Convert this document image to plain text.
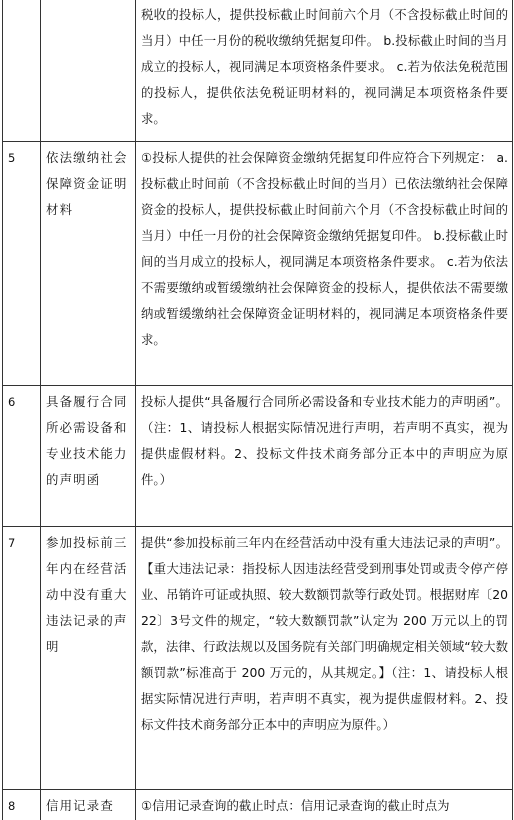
		税收的投标人，提供投标截止时间前六个月（不含投标截止时间的当月）中任一月份的税收缴纳凭据复印件。 b.投标截止时间的当月成立的投标人，视同满足本项资格条件要求。 c.若为依法免税范围的投标人，提供依法免税证明材料的，视同满足本项资格条件要求。
5	依法缴纳社会保障资金证明材料	①投标人提供的社会保障资金缴纳凭据复印件应符合下列规定： a.投标截止时间前（不含投标截止时间的当月）已依法缴纳社会保障资金的投标人，提供投标截止时间前六个月（不含投标截止时间的当月）中任一月份的社会保障资金缴纳凭据复印件。 b.投标截止时间的当月成立的投标人，视同满足本项资格条件要求。 c.若为依法不需要缴纳或暂缓缴纳社会保障资金的投标人，提供依法不需要缴纳或暂缓缴纳社会保障资金证明材料的，视同满足本项资格条件要求。
6	具备履行合同所必需设备和专业技术能力的声明函	投标人提供“具备履行合同所必需设备和专业技术能力的声明函”。（注：1、请投标人根据实际情况进行声明，若声明不真实，视为提供虚假材料。2、投标文件技术商务部分正本中的声明应为原件。）
7	参加投标前三年内在经营活动中没有重大违法记录的声明	提供“参加投标前三年内在经营活动中没有重大违法记录的声明”。【重大违法记录：指投标人因违法经营受到刑事处罚或责令停产停业、吊销许可证或执照、较大数额罚款等行政处罚。根据财库〔2022〕3号文件的规定，“较大数额罚款”认定为 200 万元以上的罚款，法律、行政法规以及国务院有关部门明确规定相关领域“较大数额罚款”标准高于 200 万元的，从其规定。】（注：1、请投标人根据实际情况进行声明，若声明不真实，视为提供虚假材料。2、投标文件技术商务部分正本中的声明应为原件。）
8	信用记录查	①信用记录查询的截止时点：信用记录查询的截止时点为
